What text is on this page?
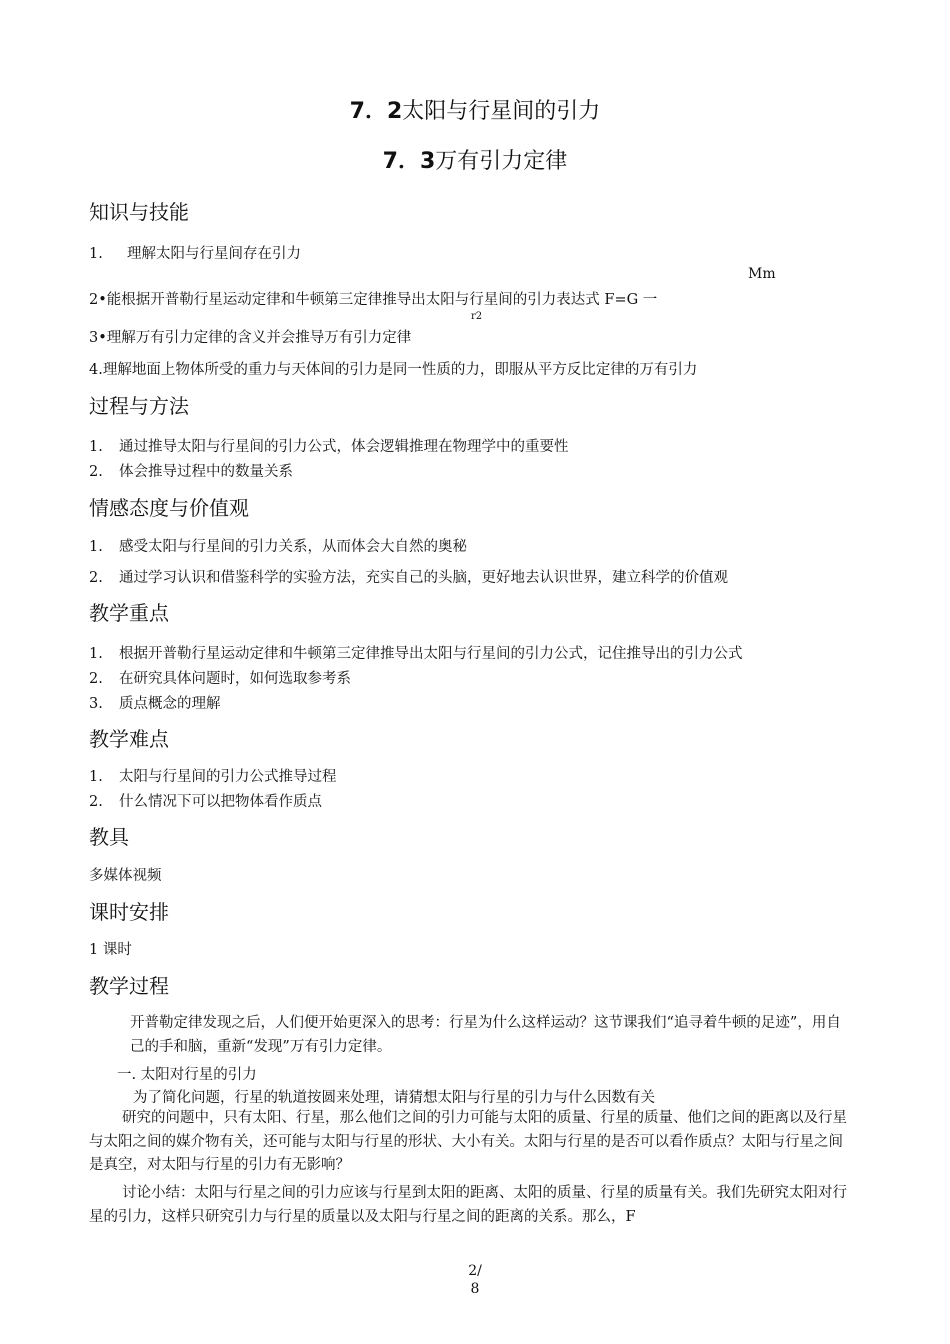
7．2太阳与行星间的引力
7．3万有引力定律
知识与技能
1. 理解太阳与行星间存在引力
Mm
2•能根据开普勒行星运动定律和牛顿第三定律推导出太阳与行星间的引力表达式 F=G 一
r2
3•理解万有引力定律的含义并会推导万有引力定律
4.理解地面上物体所受的重力与天体间的引力是同一性质的力，即服从平方反比定律的万有引力
过程与方法
1. 通过推导太阳与行星间的引力公式，体会逻辑推理在物理学中的重要性
2. 体会推导过程中的数量关系
情感态度与价值观
1. 感受太阳与行星间的引力关系，从而体会大自然的奥秘
2. 通过学习认识和借鉴科学的实验方法，充实自己的头脑，更好地去认识世界，建立科学的价值观
教学重点
1. 根据开普勒行星运动定律和牛顿第三定律推导出太阳与行星间的引力公式，记住推导出的引力公式
2. 在研究具体问题时，如何选取参考系
3. 质点概念的理解
教学难点
1. 太阳与行星间的引力公式推导过程
2. 什么情况下可以把物体看作质点
教具
多媒体视频
课时安排
1 课时
教学过程
开普勒定律发现之后，人们便开始更深入的思考：行星为什么这样运动？这节课我们“追寻着牛顿的足迹”，用自己的手和脑，重新“发现”万有引力定律。
一. 太阳对行星的引力
为了简化问题，行星的轨道按圆来处理，请猜想太阳与行星的引力与什么因数有关
研究的问题中，只有太阳、行星，那么他们之间的引力可能与太阳的质量、行星的质量、他们之间的距离以及行星与太阳之间的媒介物有关，还可能与太阳与行星的形状、大小有关。太阳与行星的是否可以看作质点？太阳与行星之间是真空，对太阳与行星的引力有无影响？
讨论小结：太阳与行星之间的引力应该与行星到太阳的距离、太阳的质量、行星的质量有关。我们先研究太阳对行星的引力，这样只研究引力与行星的质量以及太阳与行星之间的距离的关系。那么，F
2/
8
